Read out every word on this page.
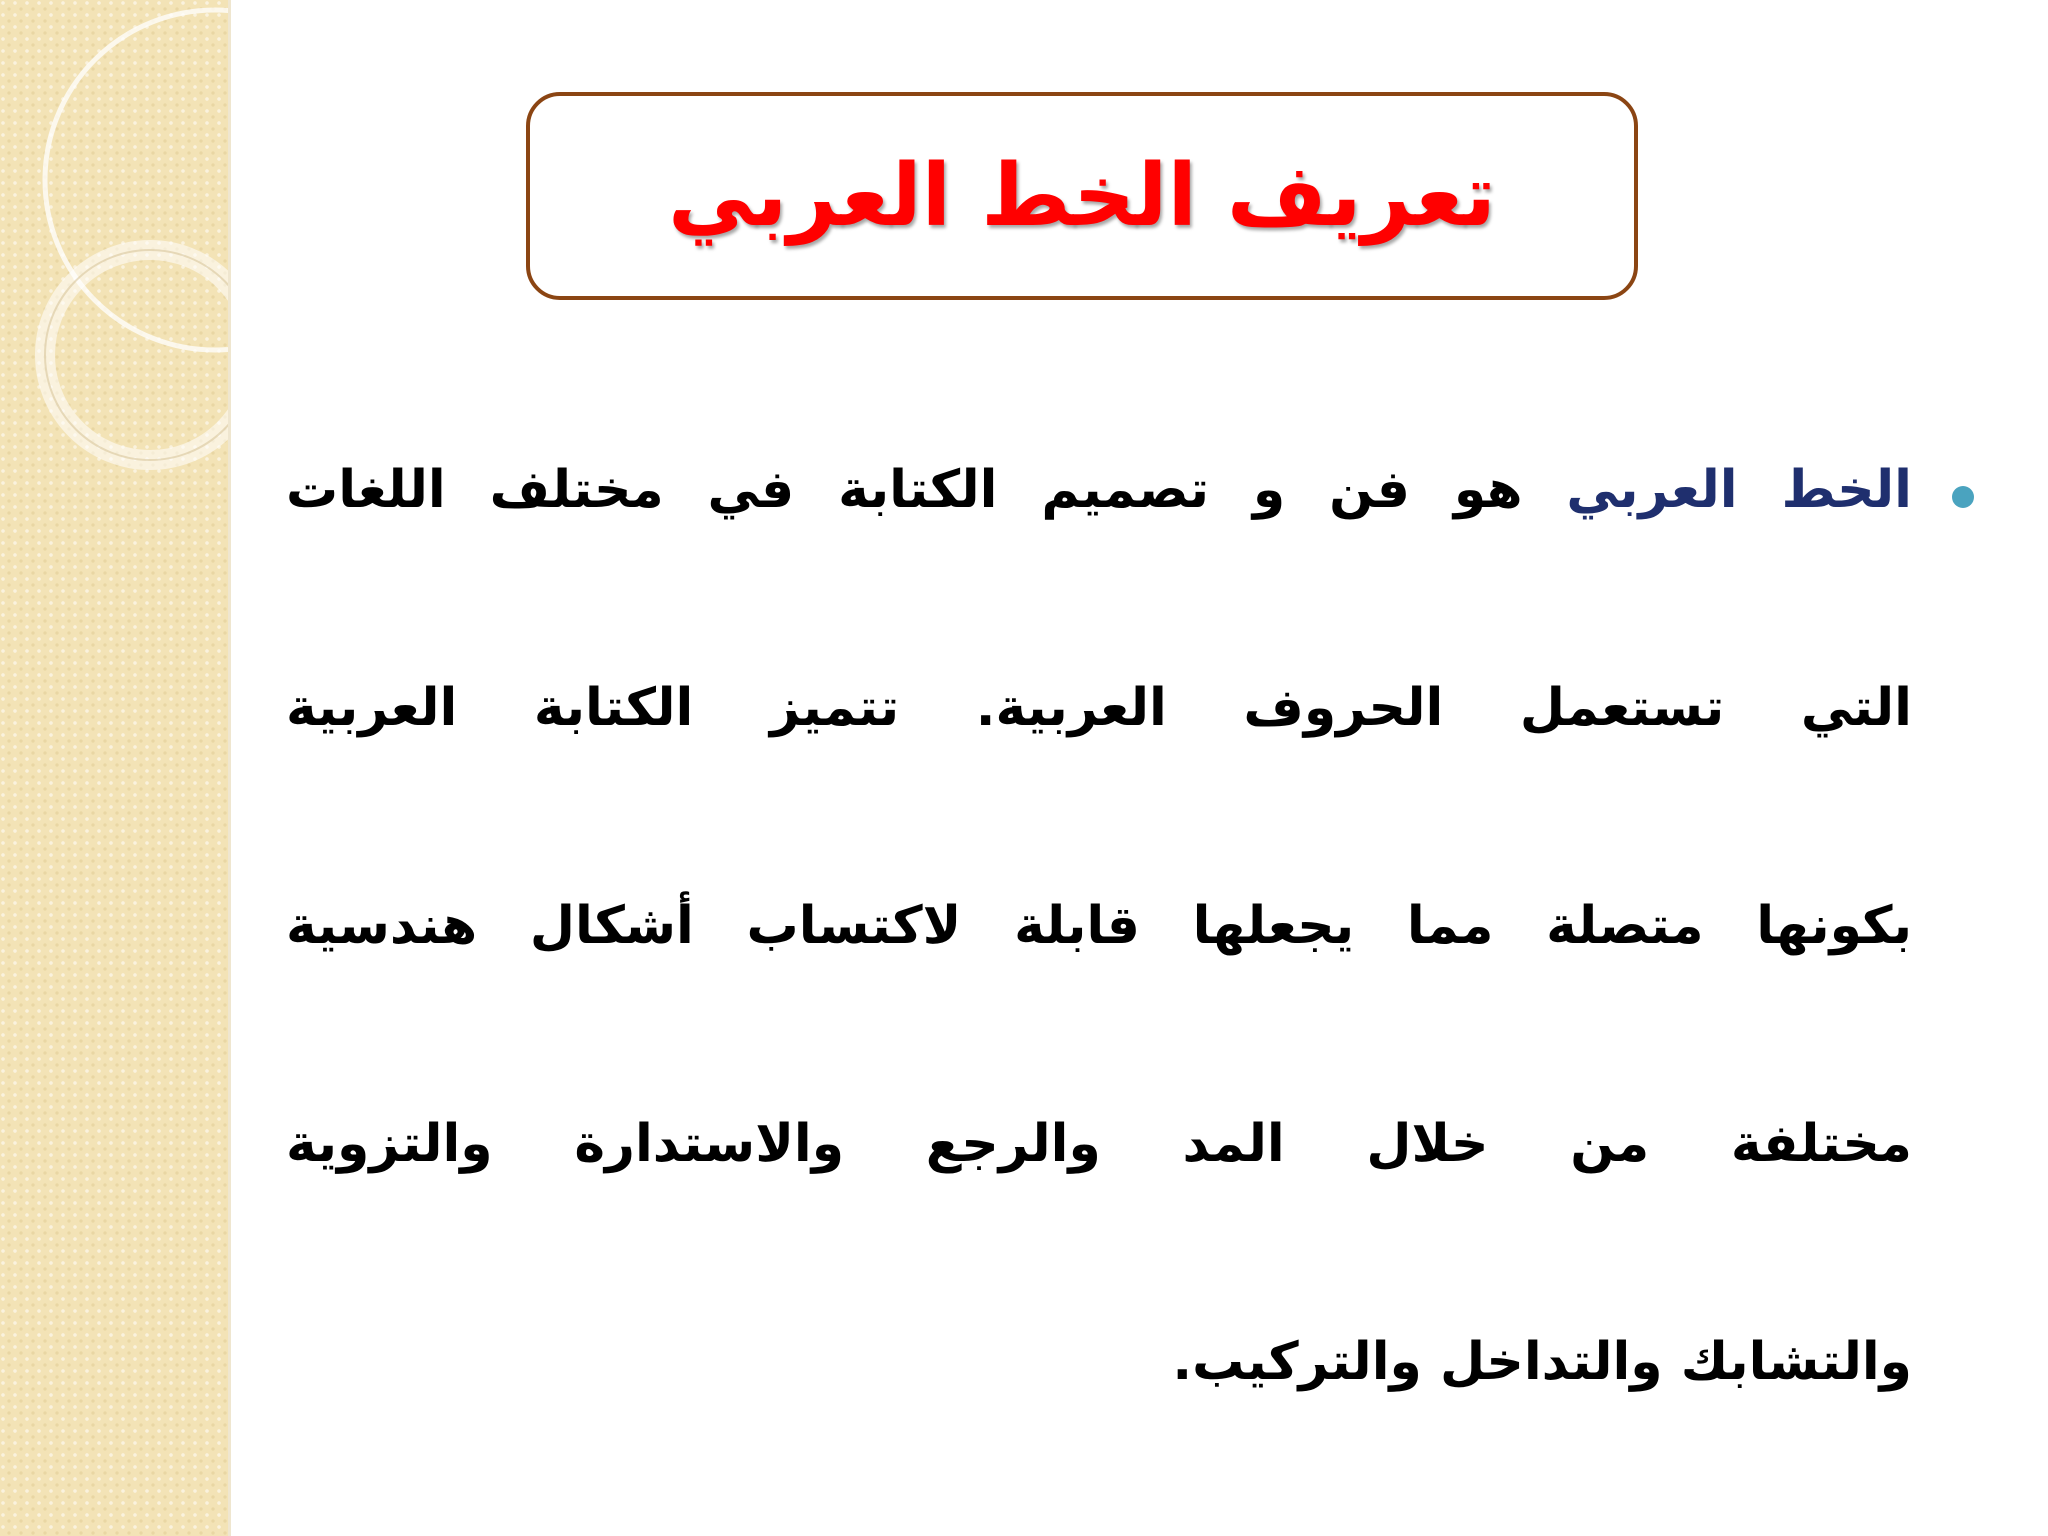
تعريف الخط العربي
الخط العربي هو فن و تصميم الكتابة في مختلف اللغات
التي تستعمل الحروف العربية. تتميز الكتابة العربية
بكونها متصلة مما يجعلها قابلة لاكتساب أشكال هندسية
مختلفة من خلال المد والرجع والاستدارة والتزوية
والتشابك والتداخل والتركيب.
